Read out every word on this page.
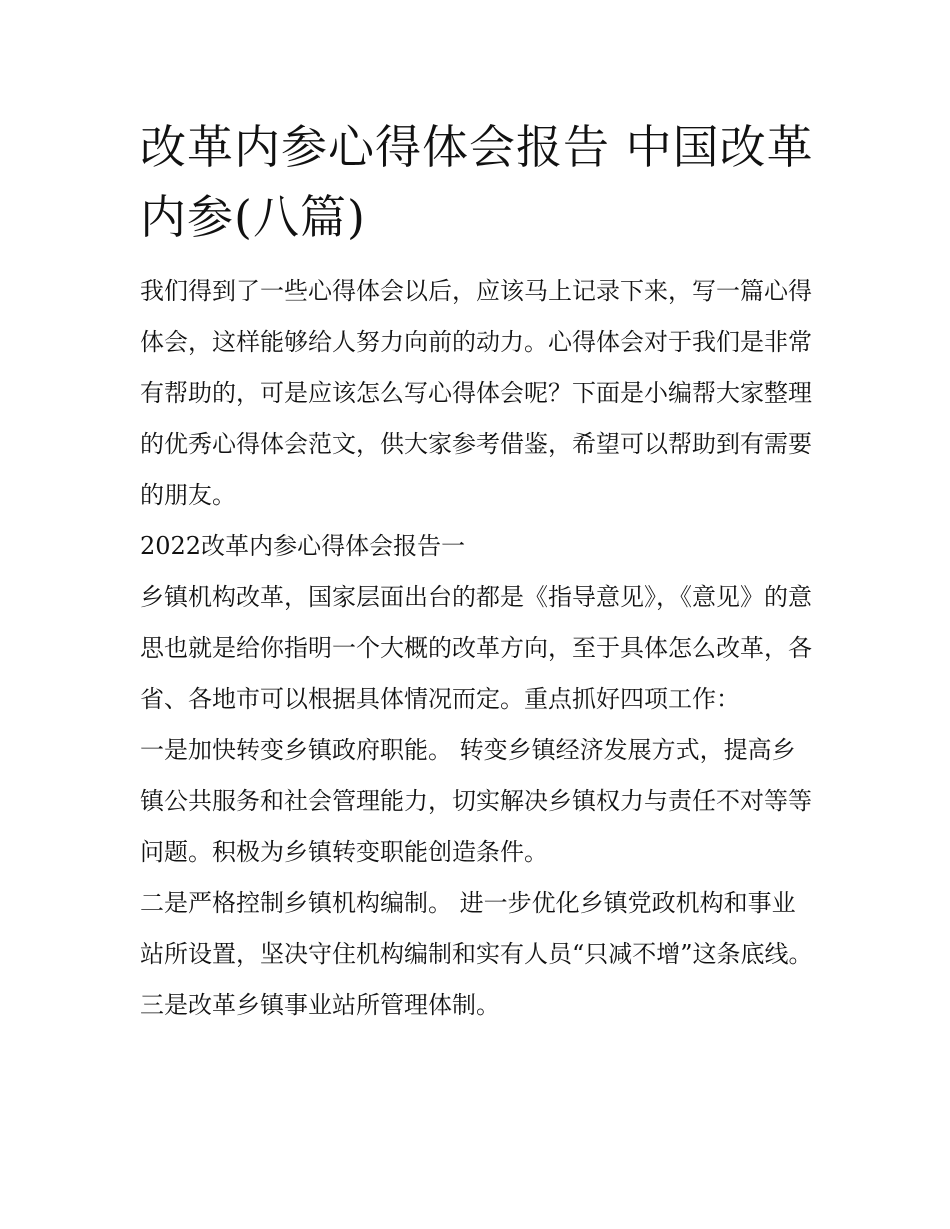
改革内参心得体会报告 中国改革内参(八篇)

我们得到了一些心得体会以后，应该马上记录下来，写一篇心得体会，这样能够给人努力向前的动力。心得体会对于我们是非常有帮助的，可是应该怎么写心得体会呢？下面是小编帮大家整理的优秀心得体会范文，供大家参考借鉴，希望可以帮助到有需要的朋友。

2022改革内参心得体会报告一

乡镇机构改革，国家层面出台的都是《指导意见》，《意见》的意思也就是给你指明一个大概的改革方向，至于具体怎么改革，各省、各地市可以根据具体情况而定。重点抓好四项工作：

一是加快转变乡镇政府职能。 转变乡镇经济发展方式，提高乡镇公共服务和社会管理能力，切实解决乡镇权力与责任不对等等问题。积极为乡镇转变职能创造条件。

二是严格控制乡镇机构编制。 进一步优化乡镇党政机构和事业站所设置，坚决守住机构编制和实有人员“只减不增”这条底线。 三是改革乡镇事业站所管理体制。
